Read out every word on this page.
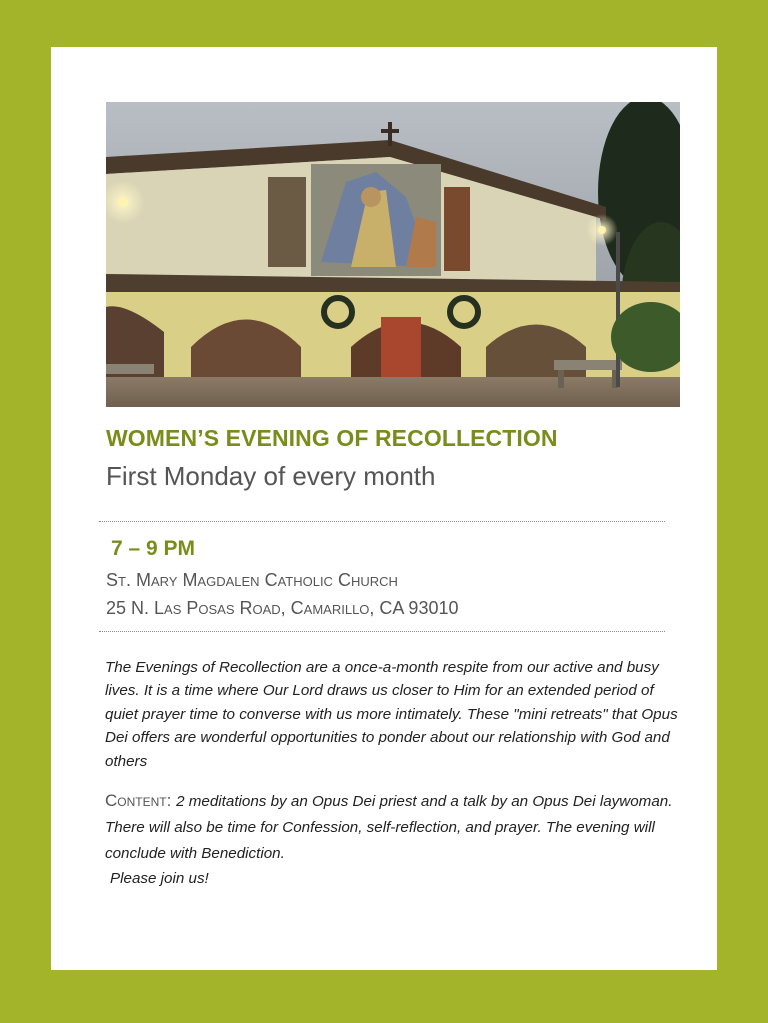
WOMEN’S EVENING OF RECOLLECTION
First Monday of every month
7 – 9 PM
St. Mary Magdalen Catholic Church
25 N. Las Posas Road, Camarillo, CA 93010
The Evenings of Recollection are a once-a-month respite from our active and busy lives. It is a time where Our Lord draws us closer to Him for an extended period of quiet prayer time to converse with us more intimately. These "mini retreats" that Opus Dei offers are wonderful opportunities to ponder about our relationship with God and others
Content: 2 meditations by an Opus Dei priest and a talk by an Opus Dei laywoman. There will also be time for Confession, self-reflection, and prayer. The evening will conclude with Benediction.
Please join us!
